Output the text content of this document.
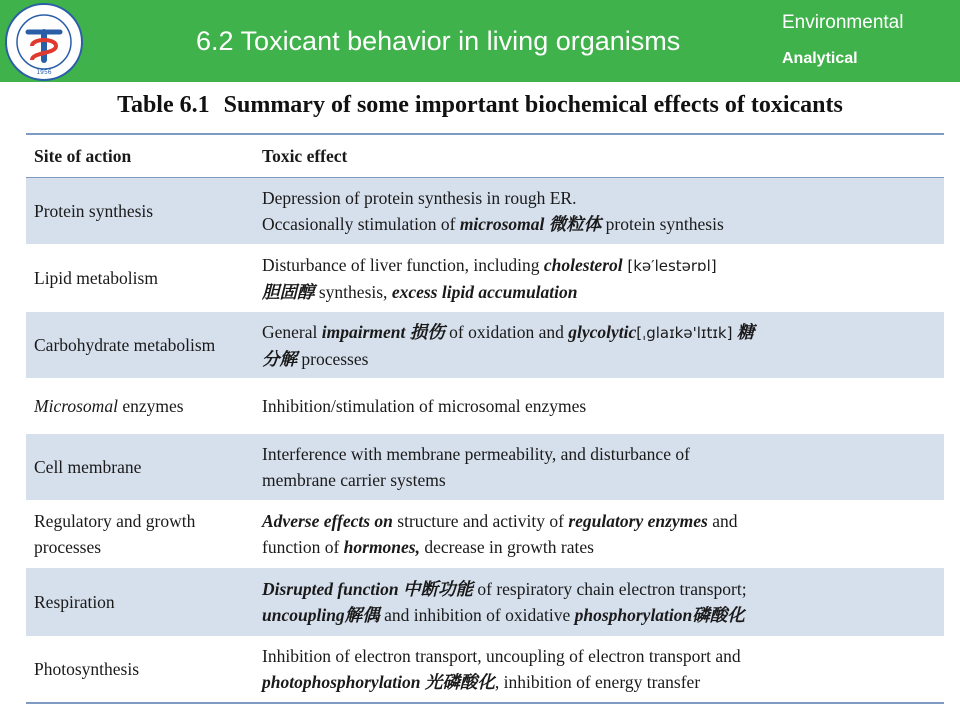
1956
6.2 Toxicant behavior in living organisms
Environmental
Analytical
Table 6.1 Summary of some important biochemical effects of toxicants
Site of action	Toxic effect
Protein synthesis
Depression of protein synthesis in rough ER.
Occasionally stimulation of microsomal 微粒体 protein synthesis
Lipid metabolism
Disturbance of liver function, including cholesterol [kə′lestərɒl]
胆固醇 synthesis, excess lipid accumulation
Carbohydrate metabolism
General impairment 损伤 of oxidation and glycolytic[ˌglaɪkə'lɪtɪk] 糖
分解 processes
Microsomal enzymes	Inhibition/stimulation of microsomal enzymes
Cell membrane
Interference with membrane permeability, and disturbance of
membrane carrier systems
Regulatory and growth processes
Adverse effects on structure and activity of regulatory enzymes and
function of hormones, decrease in growth rates
Respiration
Disrupted function 中断功能 of respiratory chain electron transport;
uncoupling解偶 and inhibition of oxidative phosphorylation磷酸化
Photosynthesis
Inhibition of electron transport, uncoupling of electron transport and
photophosphorylation 光磷酸化, inhibition of energy transfer
